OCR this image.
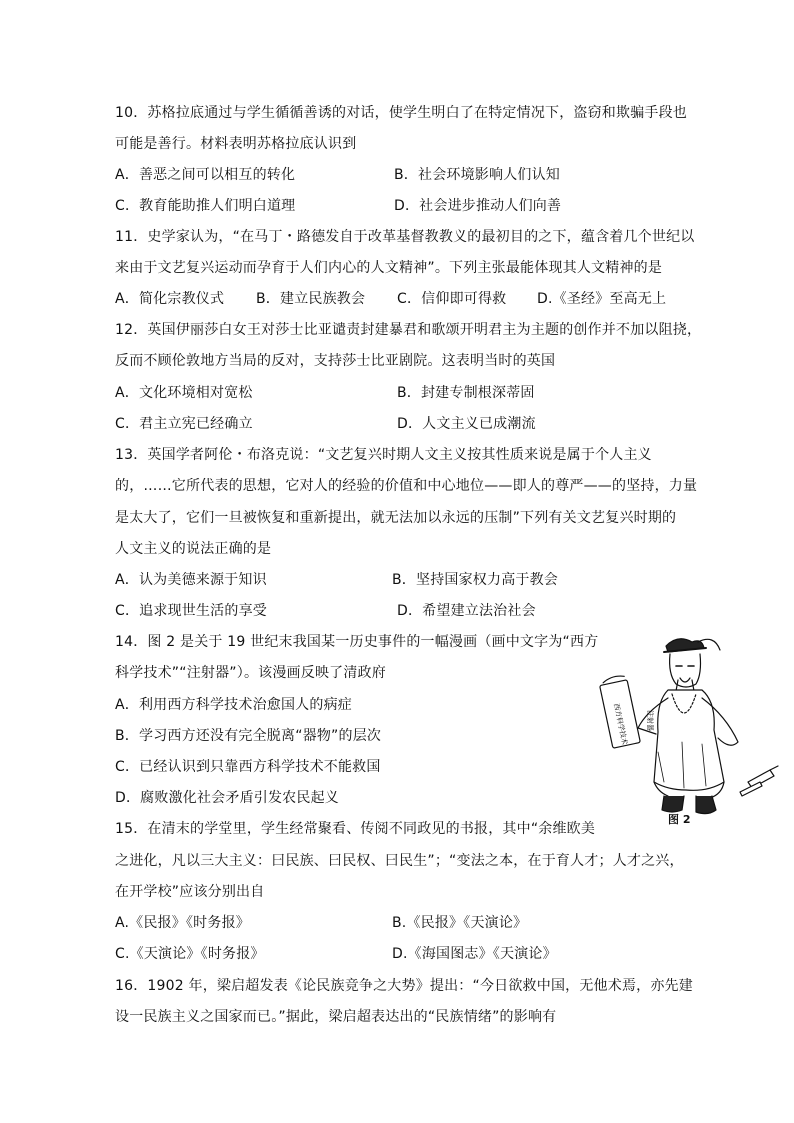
10．苏格拉底通过与学生循循善诱的对话，使学生明白了在特定情况下，盗窃和欺骗手段也
可能是善行。材料表明苏格拉底认识到
A．善恶之间可以相互的转化	B．社会环境影响人们认知
C．教育能助推人们明白道理	D．社会进步推动人们向善
11．史学家认为，“在马丁・路德发自于改革基督教教义的最初目的之下，蕴含着几个世纪以
来由于文艺复兴运动而孕育于人们内心的人文精神”。下列主张最能体现其人文精神的是
A．简化宗教仪式 B．建立民族教会 C．信仰即可得救 D.《圣经》至高无上
12．英国伊丽莎白女王对莎士比亚谴责封建暴君和歌颂开明君主为主题的创作并不加以阻挠，
反而不顾伦敦地方当局的反对，支持莎士比亚剧院。这表明当时的英国
A．文化环境相对宽松	B．封建专制根深蒂固
C．君主立宪已经确立	D．人文主义已成潮流
13．英国学者阿伦・布洛克说：“文艺复兴时期人文主义按其性质来说是属于个人主义
的，……它所代表的思想，它对人的经验的价值和中心地位——即人的尊严——的坚持，力量
是太大了，它们一旦被恢复和重新提出，就无法加以永远的压制”下列有关文艺复兴时期的
人文主义的说法正确的是
A．认为美德来源于知识	B．坚持国家权力高于教会
C．追求现世生活的享受	D．希望建立法治社会
14．图 2 是关于 19 世纪末我国某一历史事件的一幅漫画（画中文字为“西方
科学技术”“注射器”）。该漫画反映了清政府
A．利用西方科学技术治愈国人的病症
B．学习西方还没有完全脱离“器物”的层次
C．已经认识到只靠西方科学技术不能救国
D．腐败激化社会矛盾引发农民起义
西方科学技术 注射器
图 2
15．在清末的学堂里，学生经常聚看、传阅不同政见的书报，其中“余维欧美
之进化，凡以三大主义：曰民族、曰民权、曰民生”；“变法之本，在于育人才；人才之兴，
在开学校”应该分别出自
A.《民报》《时务报》	B.《民报》《天演论》
C.《天演论》《时务报》	D.《海国图志》《天演论》
16．1902 年，梁启超发表《论民族竞争之大势》提出：“今日欲救中国，无他术焉，亦先建
设一民族主义之国家而已。”据此，梁启超表达出的“民族情绪”的影响有
